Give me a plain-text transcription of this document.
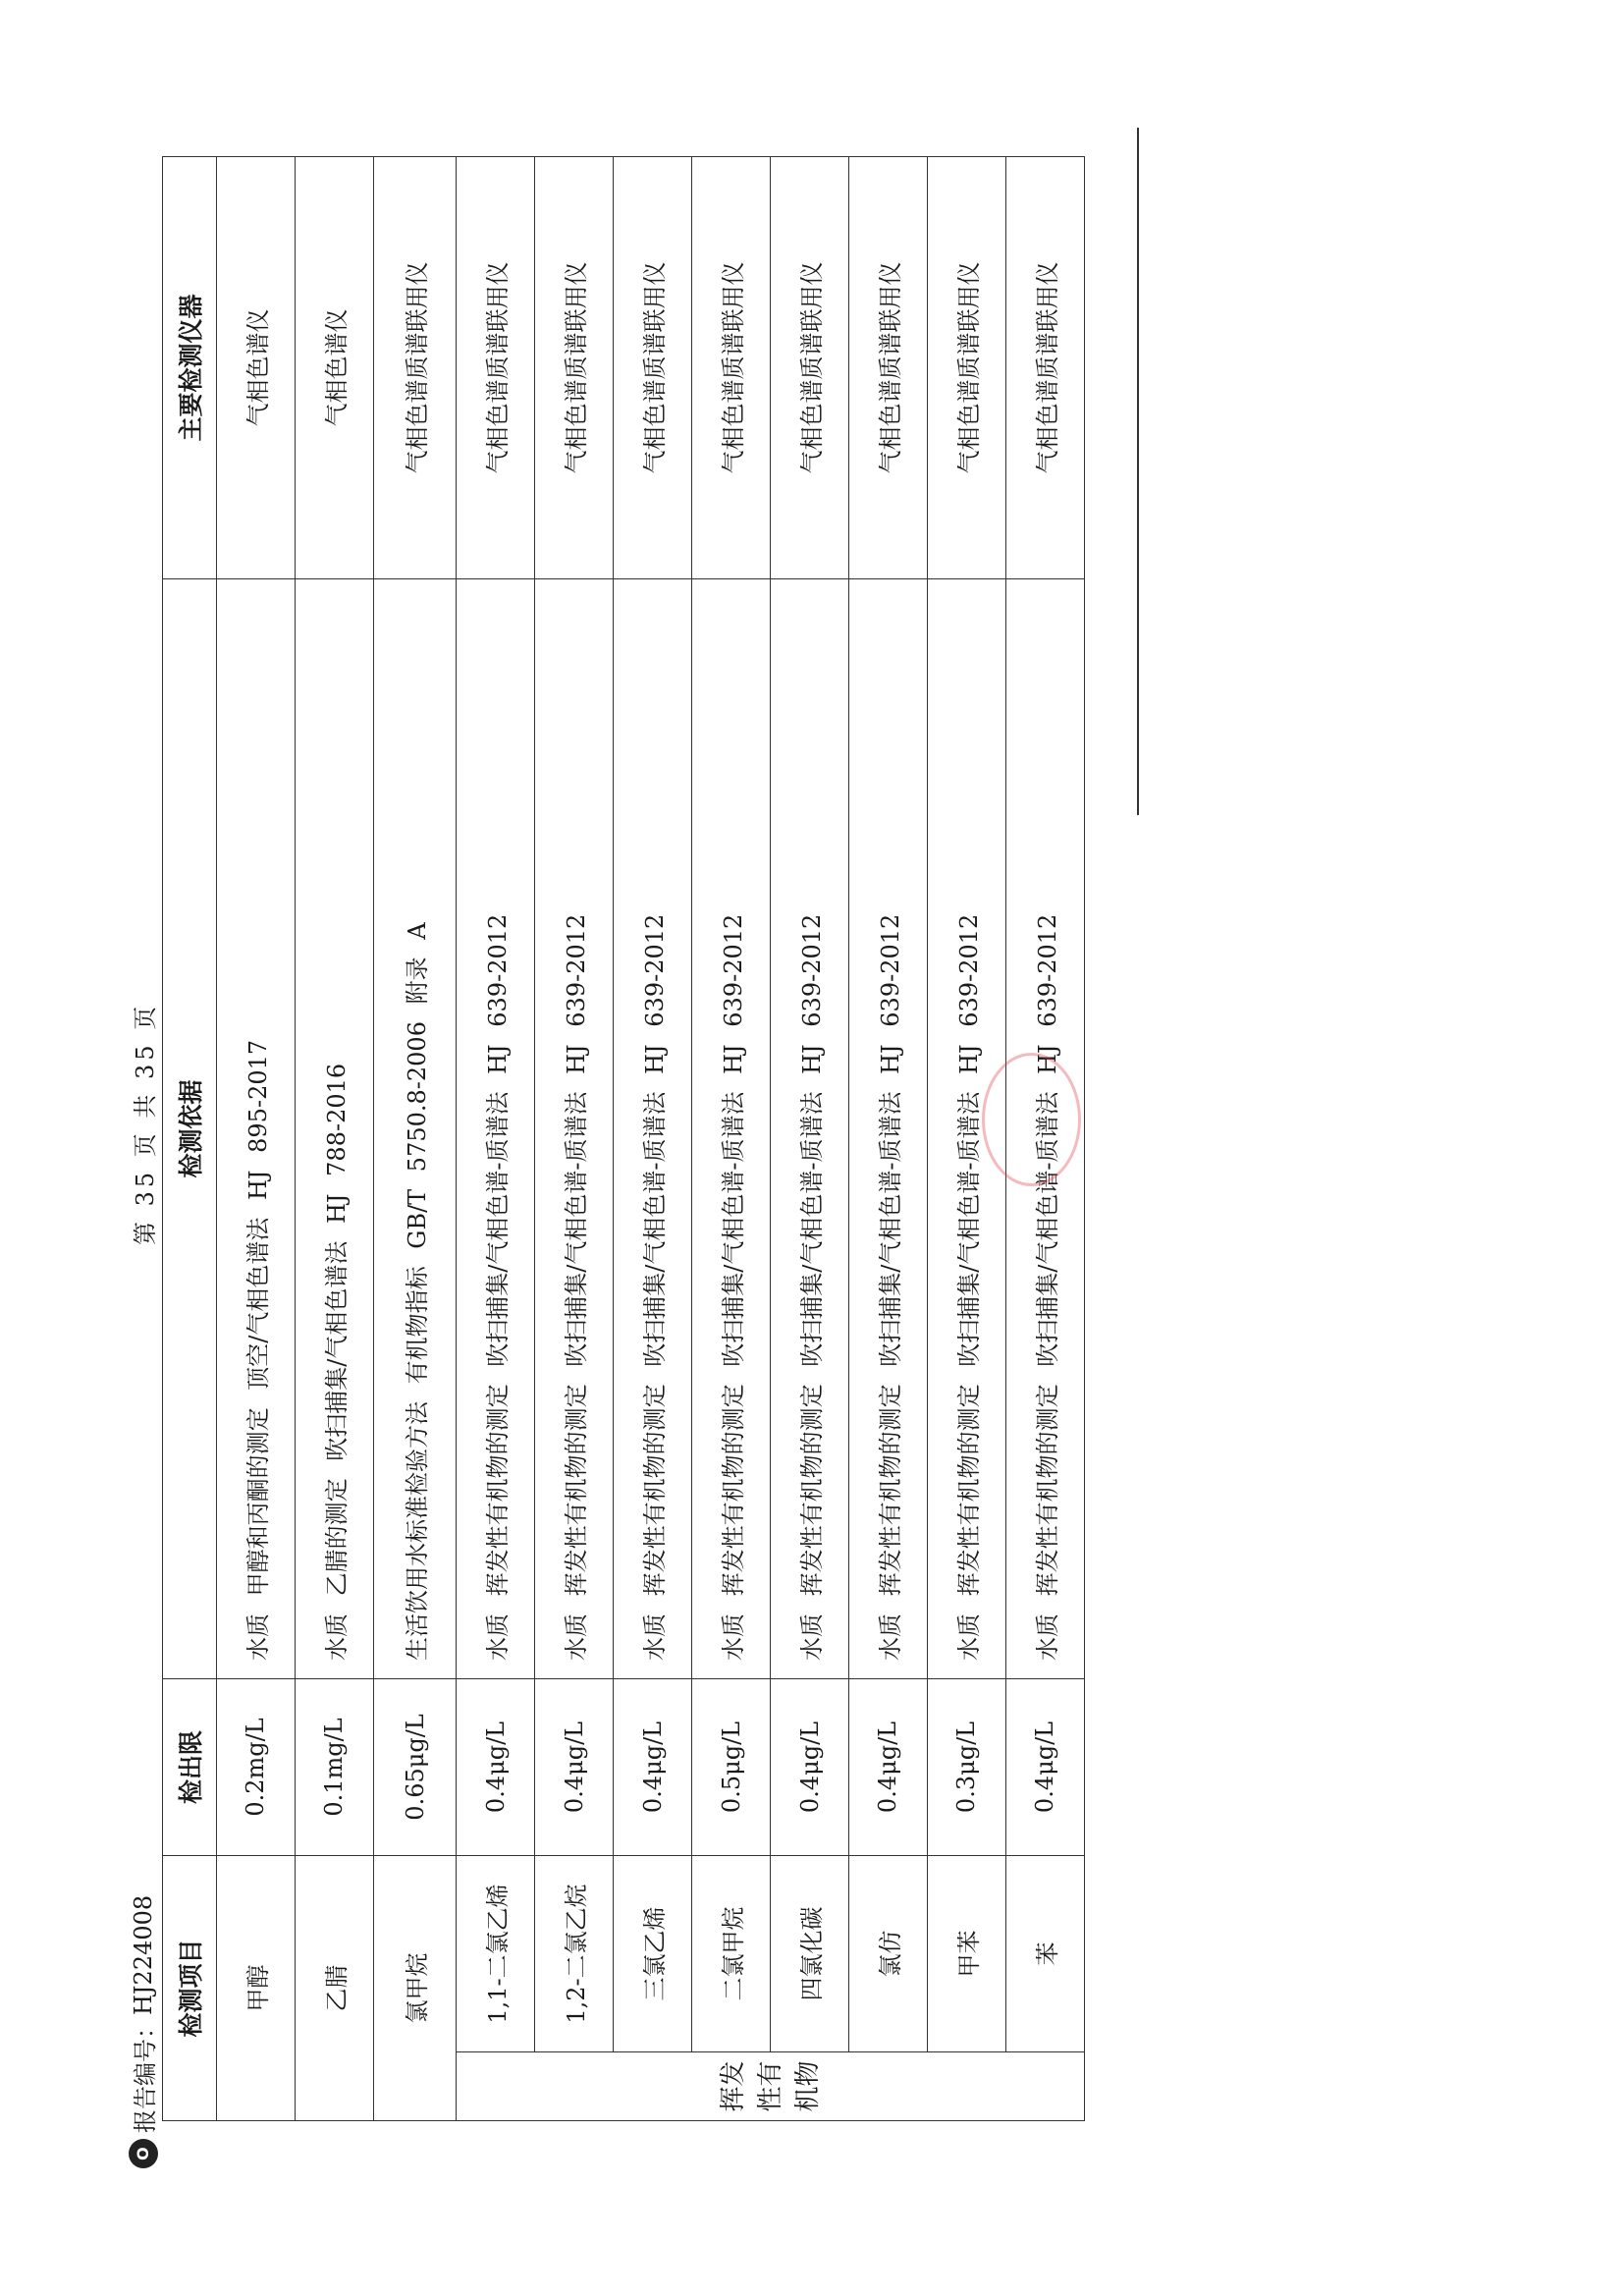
O
报告编号：
HJ224008
第 35 页 共 35 页
检测项目		检出限	检测依据	主要检测仪器
甲醇		0.2mg/L	水质 甲醇和丙酮的测定 顶空/气相色谱法 HJ 895-2017	气相色谱仪
乙腈		0.1mg/L	水质 乙腈的测定 吹扫捕集/气相色谱法 HJ 788-2016	气相色谱仪
氯甲烷		0.65μg/L	生活饮用水标准检验方法 有机物指标 GB/T 5750.8-2006 附录 A	气相色谱质谱联用仪
挥发性有机物	1,1-二氯乙烯	0.4μg/L	水质 挥发性有机物的测定 吹扫捕集/气相色谱-质谱法 HJ 639-2012	气相色谱质谱联用仪
	1,2-二氯乙烷	0.4μg/L	水质 挥发性有机物的测定 吹扫捕集/气相色谱-质谱法 HJ 639-2012	气相色谱质谱联用仪
	三氯乙烯	0.4μg/L	水质 挥发性有机物的测定 吹扫捕集/气相色谱-质谱法 HJ 639-2012	气相色谱质谱联用仪
	二氯甲烷	0.5μg/L	水质 挥发性有机物的测定 吹扫捕集/气相色谱-质谱法 HJ 639-2012	气相色谱质谱联用仪
	四氯化碳	0.4μg/L	水质 挥发性有机物的测定 吹扫捕集/气相色谱-质谱法 HJ 639-2012	气相色谱质谱联用仪
	氯仿	0.4μg/L	水质 挥发性有机物的测定 吹扫捕集/气相色谱-质谱法 HJ 639-2012	气相色谱质谱联用仪
	甲苯	0.3μg/L	水质 挥发性有机物的测定 吹扫捕集/气相色谱-质谱法 HJ 639-2012	气相色谱质谱联用仪
	苯	0.4μg/L	水质 挥发性有机物的测定 吹扫捕集/气相色谱-质谱法 HJ 639-2012	气相色谱质谱联用仪
